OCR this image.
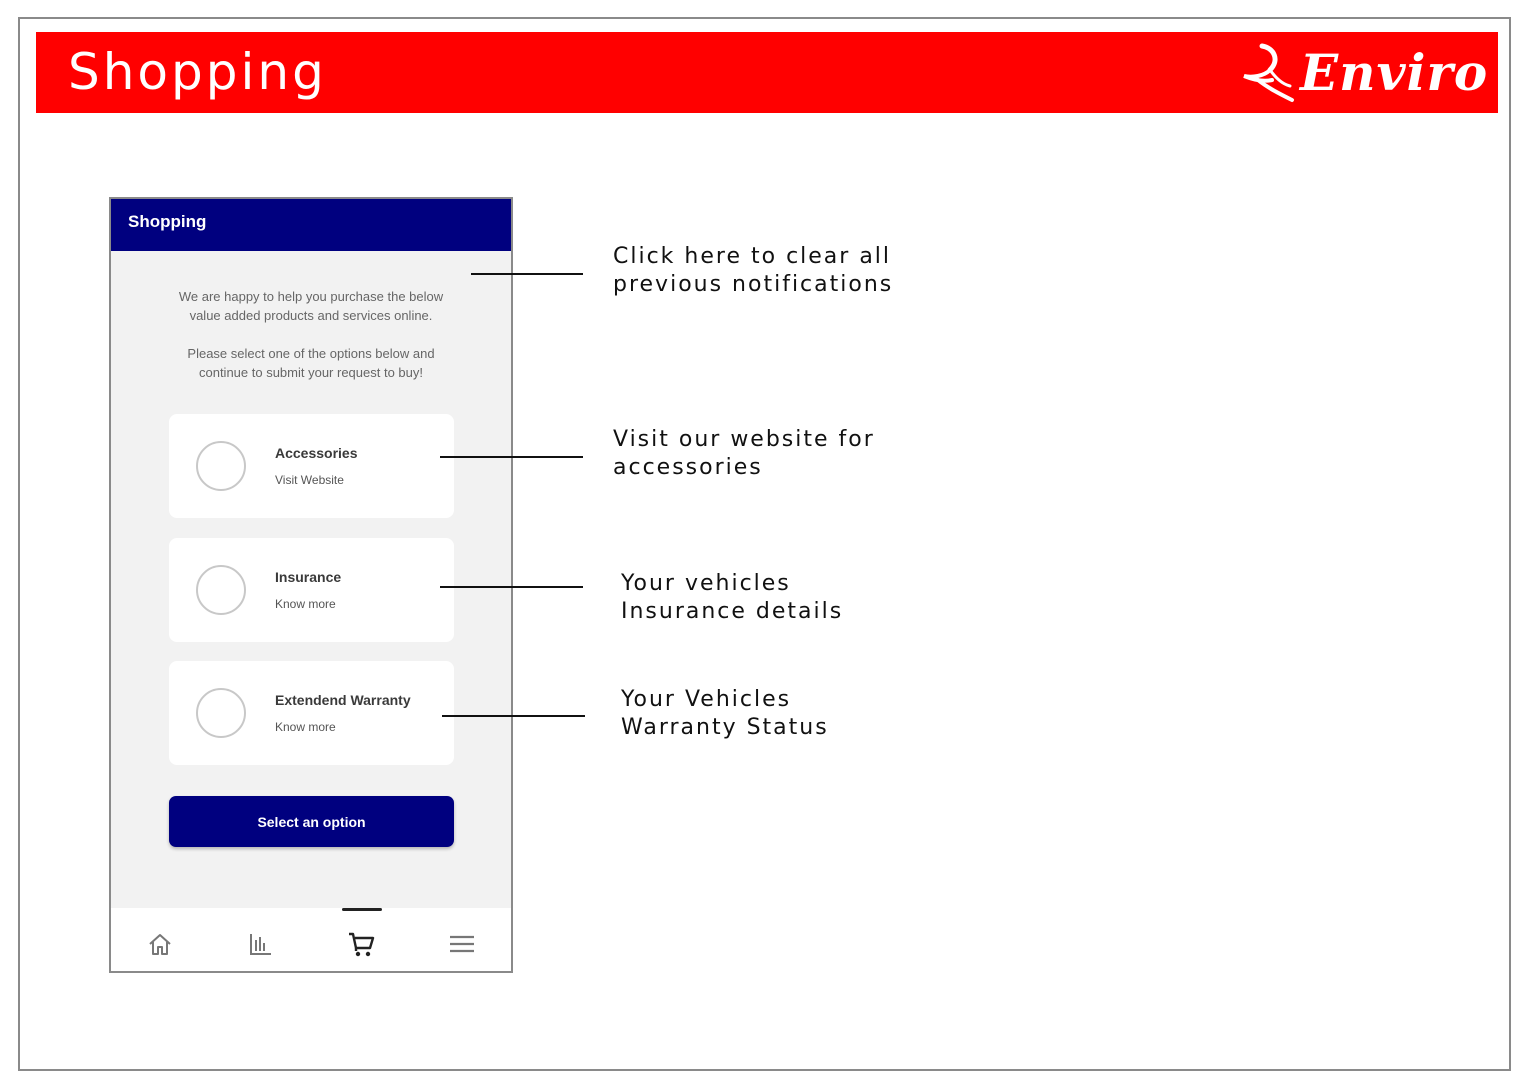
Shopping	Enviro
Shopping
We are happy to help you purchase the below
value added products and services online.
Please select one of the options below and
continue to submit your request to buy!
Accessories
Visit Website
Insurance
Know more
Extendend Warranty
Know more
Select an option
Click here to clear all
previous notifications
Visit our website for
accessories
Your vehicles
Insurance details
Your Vehicles
Warranty Status
